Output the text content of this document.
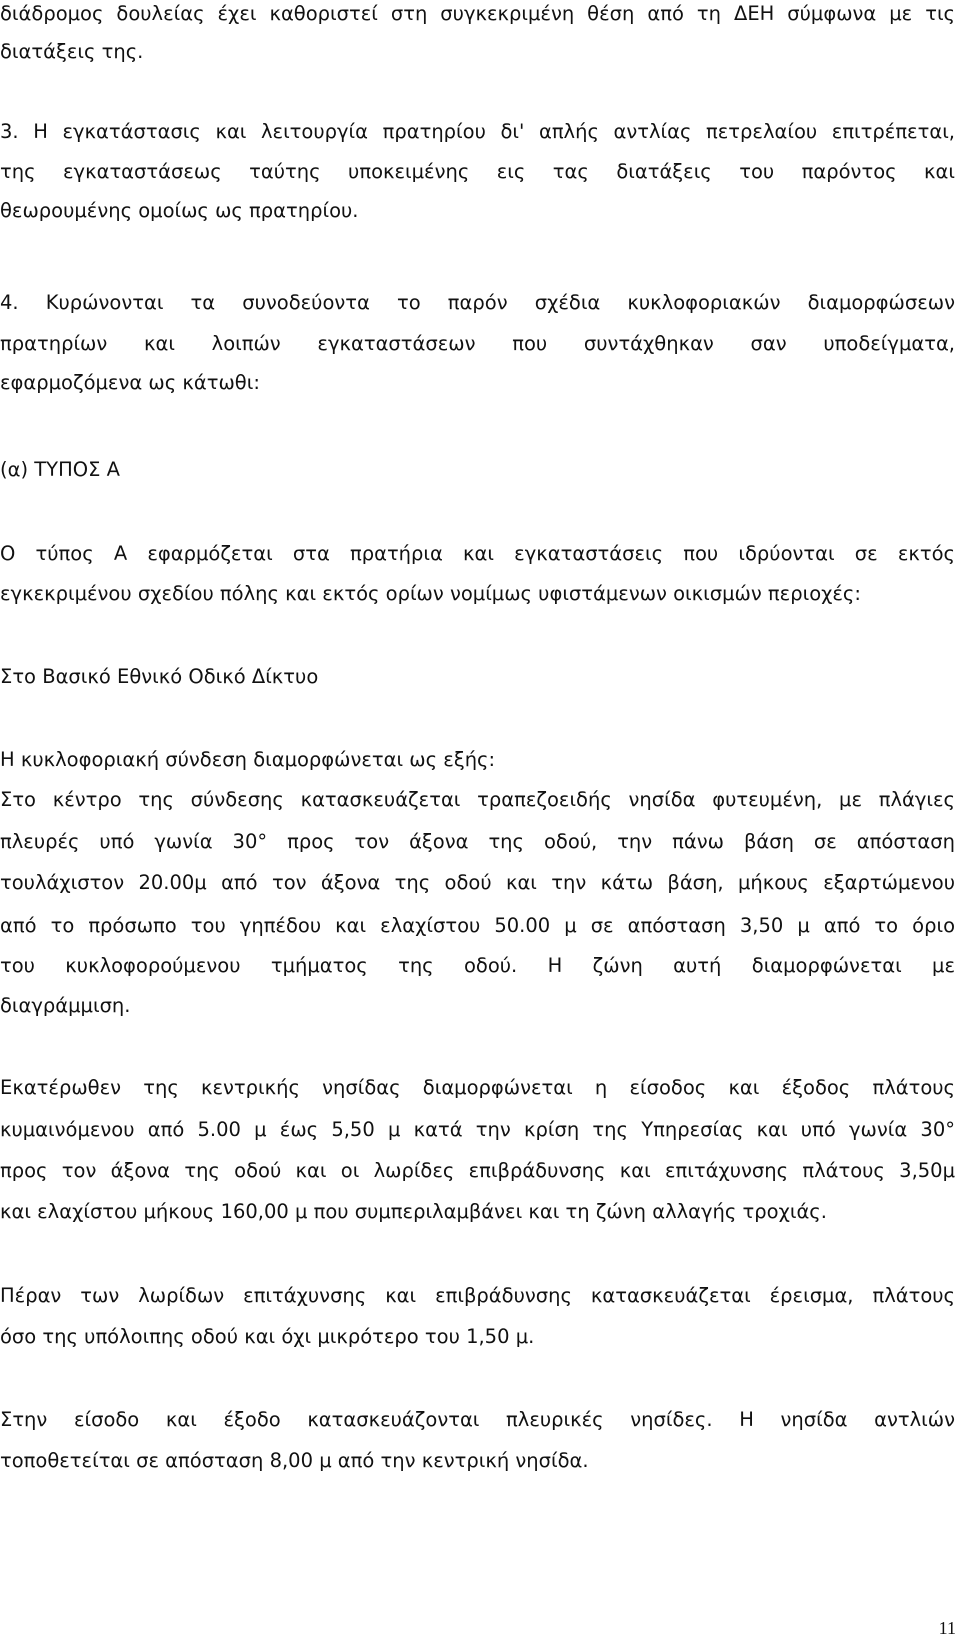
διάδρομος δουλείας έχει καθοριστεί στη συγκεκριμένη θέση από τη ΔΕΗ σύμφωνα με τις
διατάξεις της.
3. Η εγκατάστασις και λειτουργία πρατηρίου δι' απλής αντλίας πετρελαίου επιτρέπεται,
της εγκαταστάσεως ταύτης υποκειμένης εις τας διατάξεις του παρόντος και
θεωρουμένης ομοίως ως πρατηρίου.
4. Κυρώνονται τα συνοδεύοντα το παρόν σχέδια κυκλοφοριακών διαμορφώσεων
πρατηρίων και λοιπών εγκαταστάσεων που συντάχθηκαν σαν υποδείγματα,
εφαρμοζόμενα ως κάτωθι:
(α) ΤΥΠΟΣ Α
Ο τύπος Α εφαρμόζεται στα πρατήρια και εγκαταστάσεις που ιδρύονται σε εκτός
εγκεκριμένου σχεδίου πόλης και εκτός ορίων νομίμως υφιστάμενων οικισμών περιοχές:
Στο Βασικό Εθνικό Οδικό Δίκτυο
Η κυκλοφοριακή σύνδεση διαμορφώνεται ως εξής:
Στο κέντρο της σύνδεσης κατασκευάζεται τραπεζοειδής νησίδα φυτευμένη, με πλάγιες
πλευρές υπό γωνία 30° προς τον άξονα της οδού, την πάνω βάση σε απόσταση
τουλάχιστον 20.00μ από τον άξονα της οδού και την κάτω βάση, μήκους εξαρτώμενου
από το πρόσωπο του γηπέδου και ελαχίστου 50.00 μ σε απόσταση 3,50 μ από το όριο
του κυκλοφορούμενου τμήματος της οδού. Η ζώνη αυτή διαμορφώνεται με
διαγράμμιση.
Εκατέρωθεν της κεντρικής νησίδας διαμορφώνεται η είσοδος και έξοδος πλάτους
κυμαινόμενου από 5.00 μ έως 5,50 μ κατά την κρίση της Υπηρεσίας και υπό γωνία 30°
προς τον άξονα της οδού και οι λωρίδες επιβράδυνσης και επιτάχυνσης πλάτους 3,50μ
και ελαχίστου μήκους 160,00 μ που συμπεριλαμβάνει και τη ζώνη αλλαγής τροχιάς.
Πέραν των λωρίδων επιτάχυνσης και επιβράδυνσης κατασκευάζεται έρεισμα, πλάτους
όσο της υπόλοιπης οδού και όχι μικρότερο του 1,50 μ.
Στην είσοδο και έξοδο κατασκευάζονται πλευρικές νησίδες. Η νησίδα αντλιών
τοποθετείται σε απόσταση 8,00 μ από την κεντρική νησίδα.
11
